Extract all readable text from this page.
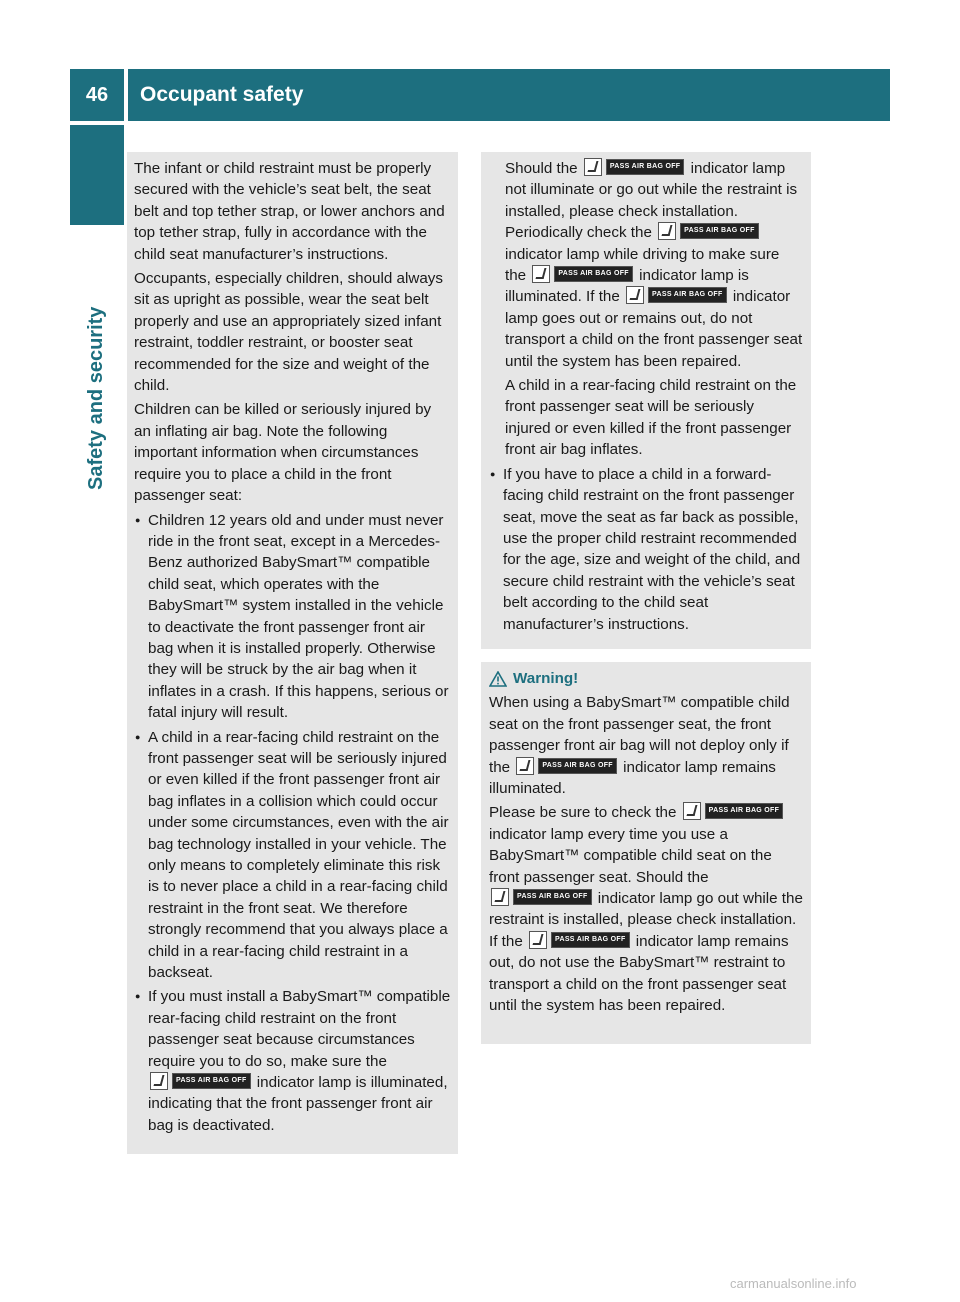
46	Occupant safety
Safety and security

The infant or child restraint must be properly secured with the vehicle’s seat belt, the seat belt and top tether strap, or lower anchors and top tether strap, fully in accordance with the child seat manufacturer’s instructions.

Occupants, especially children, should always sit as upright as possible, wear the seat belt properly and use an appropriately sized infant restraint, toddler restraint, or booster seat recommended for the size and weight of the child.

Children can be killed or seriously injured by an inflating air bag. Note the following important information when circumstances require you to place a child in the front passenger seat:

● Children 12 years old and under must never ride in the front seat, except in a Mercedes-Benz authorized BabySmart™ compatible child seat, which operates with the BabySmart™ system installed in the vehicle to deactivate the front passenger front air bag when it is installed properly. Otherwise they will be struck by the air bag when it inflates in a crash. If this happens, serious or fatal injury will result.
● A child in a rear-facing child restraint on the front passenger seat will be seriously injured or even killed if the front passenger front air bag inflates in a collision which could occur under some circumstances, even with the air bag technology installed in your vehicle. The only means to completely eliminate this risk is to never place a child in a rear-facing child restraint in the front seat. We therefore strongly recommend that you always place a child in a rear-facing child restraint in a backseat.
● If you must install a BabySmart™ compatible rear-facing child restraint on the front passenger seat because circumstances require you to do so, make sure the
PASS AIR BAG OFF indicator lamp is illuminated, indicating that the front passenger front air bag is deactivated.

Should the	PASS AIR BAG OFF indicator lamp not illuminate or go out while the restraint is installed, please check installation. Periodically check the	PASS AIR BAG OFF
indicator lamp while driving to make sure the	PASS AIR BAG OFF indicator lamp is illuminated. If the	PASS AIR BAG OFF indicator lamp goes out or remains out, do not transport a child on the front passenger seat until the system has been repaired.

A child in a rear-facing child restraint on the front passenger seat will be seriously injured or even killed if the front passenger front air bag inflates.

● If you have to place a child in a forward-facing child restraint on the front passenger seat, move the seat as far back as possible, use the proper child restraint recommended for the age, size and weight of the child, and secure child restraint with the vehicle’s seat belt according to the child seat manufacturer’s instructions.
Warning!

When using a BabySmart™ compatible child seat on the front passenger seat, the front passenger front air bag will not deploy only if the	PASS AIR BAG OFF indicator lamp remains illuminated.

Please be sure to check the	PASS AIR BAG OFF
indicator lamp every time you use a BabySmart™ compatible child seat on the front passenger seat. Should the
PASS AIR BAG OFF indicator lamp go out while the restraint is installed, please check installation. If the	PASS AIR BAG OFF indicator lamp remains out, do not use the BabySmart™ restraint to transport a child on the front passenger seat until the system has been repaired.

carmanualsonline.info
